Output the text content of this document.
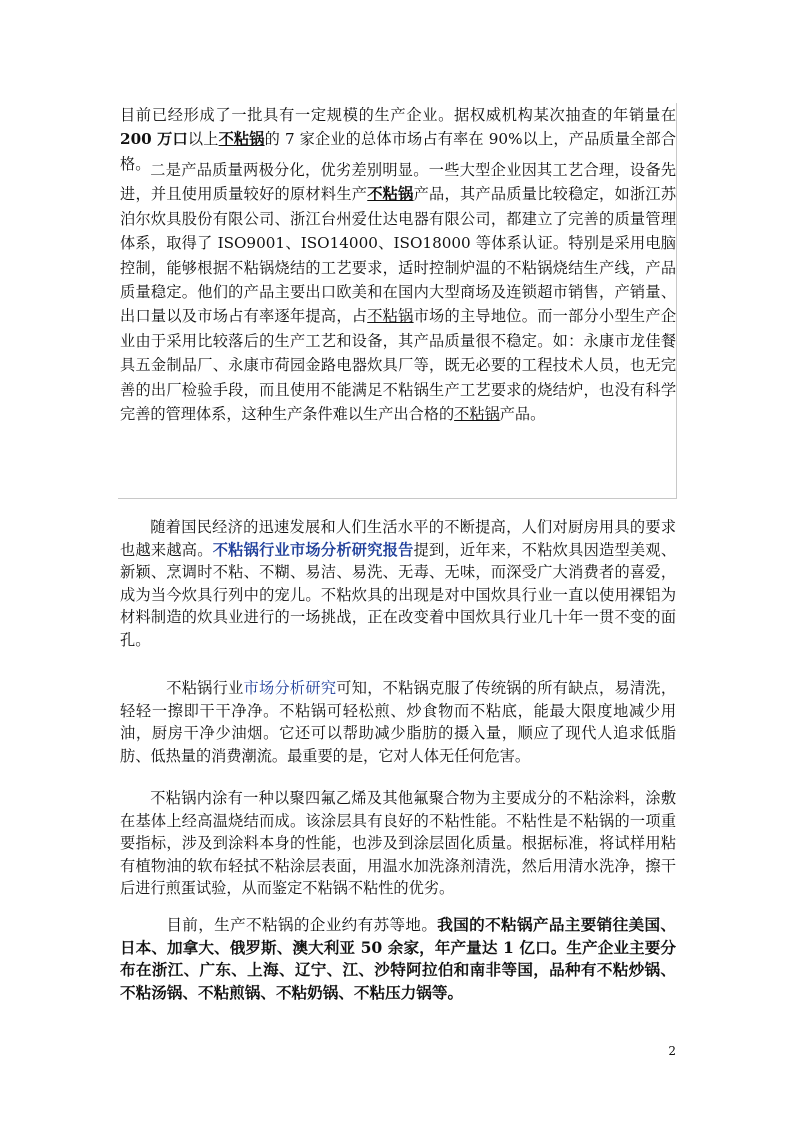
目前已经形成了一批具有一定规模的生产企业。据权威机构某次抽查的年销量在200 万口以上不粘锅的 7 家企业的总体市场占有率在 90%以上，产品质量全部合格。 二是产品质量两极分化，优劣差别明显。一些大型企业因其工艺合理，设备先进，并且使用质量较好的原材料生产不粘锅产品，其产品质量比较稳定，如浙江苏泊尔炊具股份有限公司、浙江台州爱仕达电器有限公司，都建立了完善的质量管理体系，取得了 ISO9001、ISO14000、ISO18000 等体系认证。特别是采用电脑控制，能够根据不粘锅烧结的工艺要求，适时控制炉温的不粘锅烧结生产线，产品质量稳定。他们的产品主要出口欧美和在国内大型商场及连锁超市销售，产销量、出口量以及市场占有率逐年提高，占不粘锅市场的主导地位。而一部分小型生产企业由于采用比较落后的生产工艺和设备，其产品质量很不稳定。如：永康市龙佳餐具五金制品厂、永康市荷园金路电器炊具厂等，既无必要的工程技术人员，也无完善的出厂检验手段，而且使用不能满足不粘锅生产工艺要求的烧结炉，也没有科学完善的管理体系，这种生产条件难以生产出合格的不粘锅产品。

随着国民经济的迅速发展和人们生活水平的不断提高，人们对厨房用具的要求也越来越高。不粘锅行业市场分析研究报告提到，近年来，不粘炊具因造型美观、新颖、烹调时不粘、不糊、易洁、易洗、无毒、无味，而深受广大消费者的喜爱，成为当今炊具行列中的宠儿。不粘炊具的出现是对中国炊具行业一直以使用裸铝为材料制造的炊具业进行的一场挑战，正在改变着中国炊具行业几十年一贯不变的面孔。

不粘锅行业市场分析研究可知，不粘锅克服了传统锅的所有缺点，易清洗，轻轻一擦即干干净净。不粘锅可轻松煎、炒食物而不粘底，能最大限度地减少用油，厨房干净少油烟。它还可以帮助减少脂肪的摄入量，顺应了现代人追求低脂肪、低热量的消费潮流。最重要的是，它对人体无任何危害。

不粘锅内涂有一种以聚四氟乙烯及其他氟聚合物为主要成分的不粘涂料，涂敷在基体上经高温烧结而成。该涂层具有良好的不粘性能。不粘性是不粘锅的一项重要指标，涉及到涂料本身的性能，也涉及到涂层固化质量。根据标准，将试样用粘有植物油的软布轻拭不粘涂层表面，用温水加洗涤剂清洗，然后用清水洗净，擦干后进行煎蛋试验，从而鉴定不粘锅不粘性的优劣。

目前，生产不粘锅的企业约有苏等地。我国的不粘锅产品主要销往美国、日本、加拿大、俄罗斯、澳大利亚 50 余家，年产量达 1 亿口。生产企业主要分布在浙江、广东、上海、辽宁、江、沙特阿拉伯和南非等国，品种有不粘炒锅、不粘汤锅、不粘煎锅、不粘奶锅、不粘压力锅等。

2
